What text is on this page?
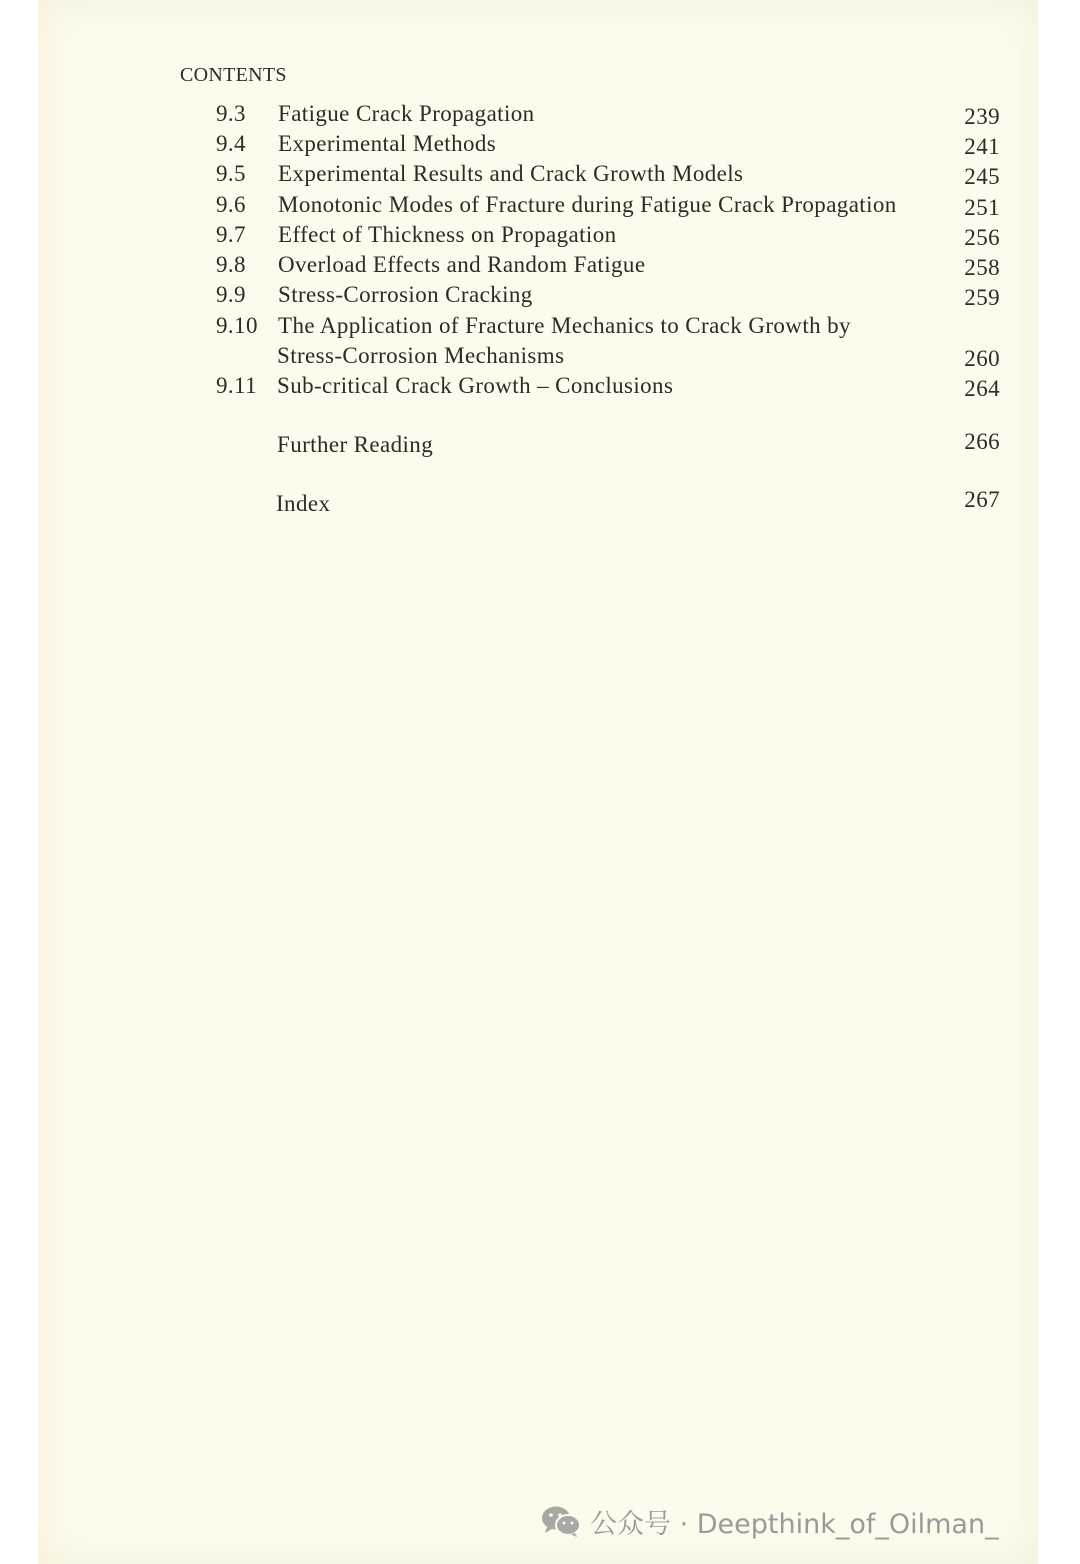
CONTENTS
9.3 Fatigue Crack Propagation	239
9.4 Experimental Methods	241
9.5 Experimental Results and Crack Growth Models	245
9.6 Monotonic Modes of Fracture during Fatigue Crack Propagation	251
9.7 Effect of Thickness on Propagation	256
9.8 Overload Effects and Random Fatigue	258
9.9 Stress-Corrosion Cracking	259
9.10 The Application of Fracture Mechanics to Crack Growth by
Stress-Corrosion Mechanisms	260
9.11 Sub-critical Crack Growth – Conclusions	264
Further Reading	266
Index	267
公众号 · Deepthink_of_Oilman_
